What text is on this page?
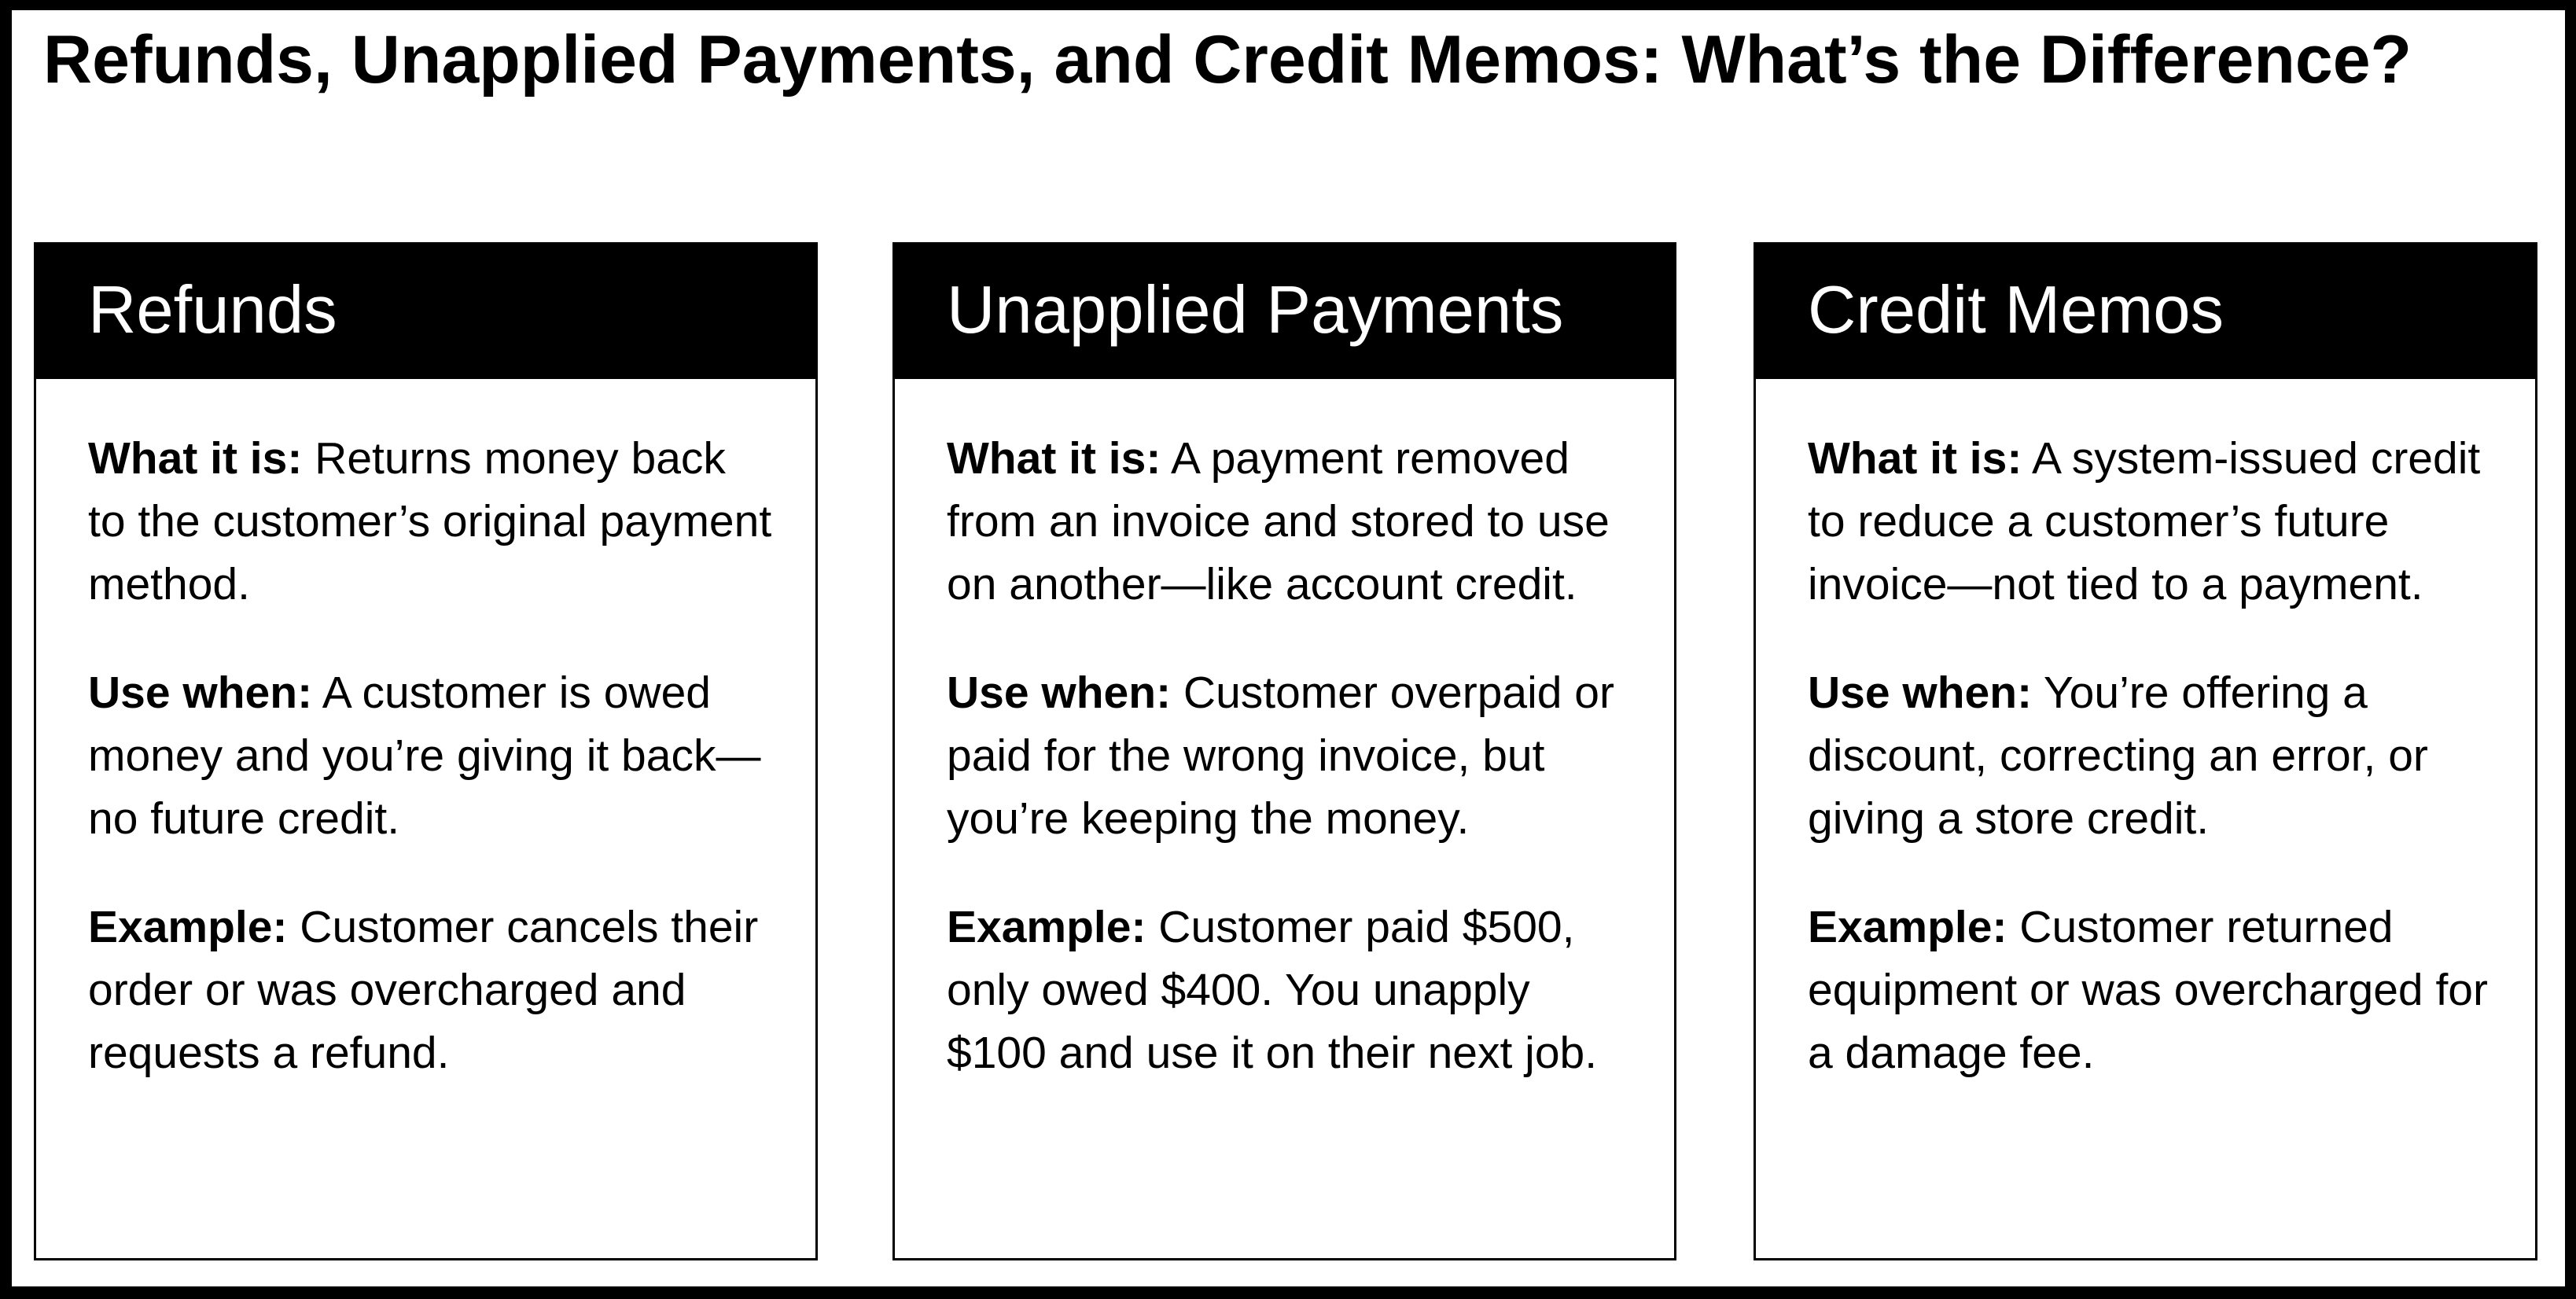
Refunds, Unapplied Payments, and Credit Memos: What’s the Difference?
Refunds

What it is: Returns money back to the customer’s original payment method.

Use when: A customer is owed money and you’re giving it back—no future credit.

Example: Customer cancels their order or was overcharged and requests a refund.

Unapplied Payments

What it is: A payment removed from an invoice and stored to use on another—like account credit.

Use when: Customer overpaid or paid for the wrong invoice, but you’re keeping the money.

Example: Customer paid $500, only owed $400. You unapply $100 and use it on their next job.

Credit Memos

What it is: A system-issued credit to reduce a customer’s future invoice—not tied to a payment.

Use when: You’re offering a discount, correcting an error, or giving a store credit.

Example: Customer returned equipment or was overcharged for a damage fee.
